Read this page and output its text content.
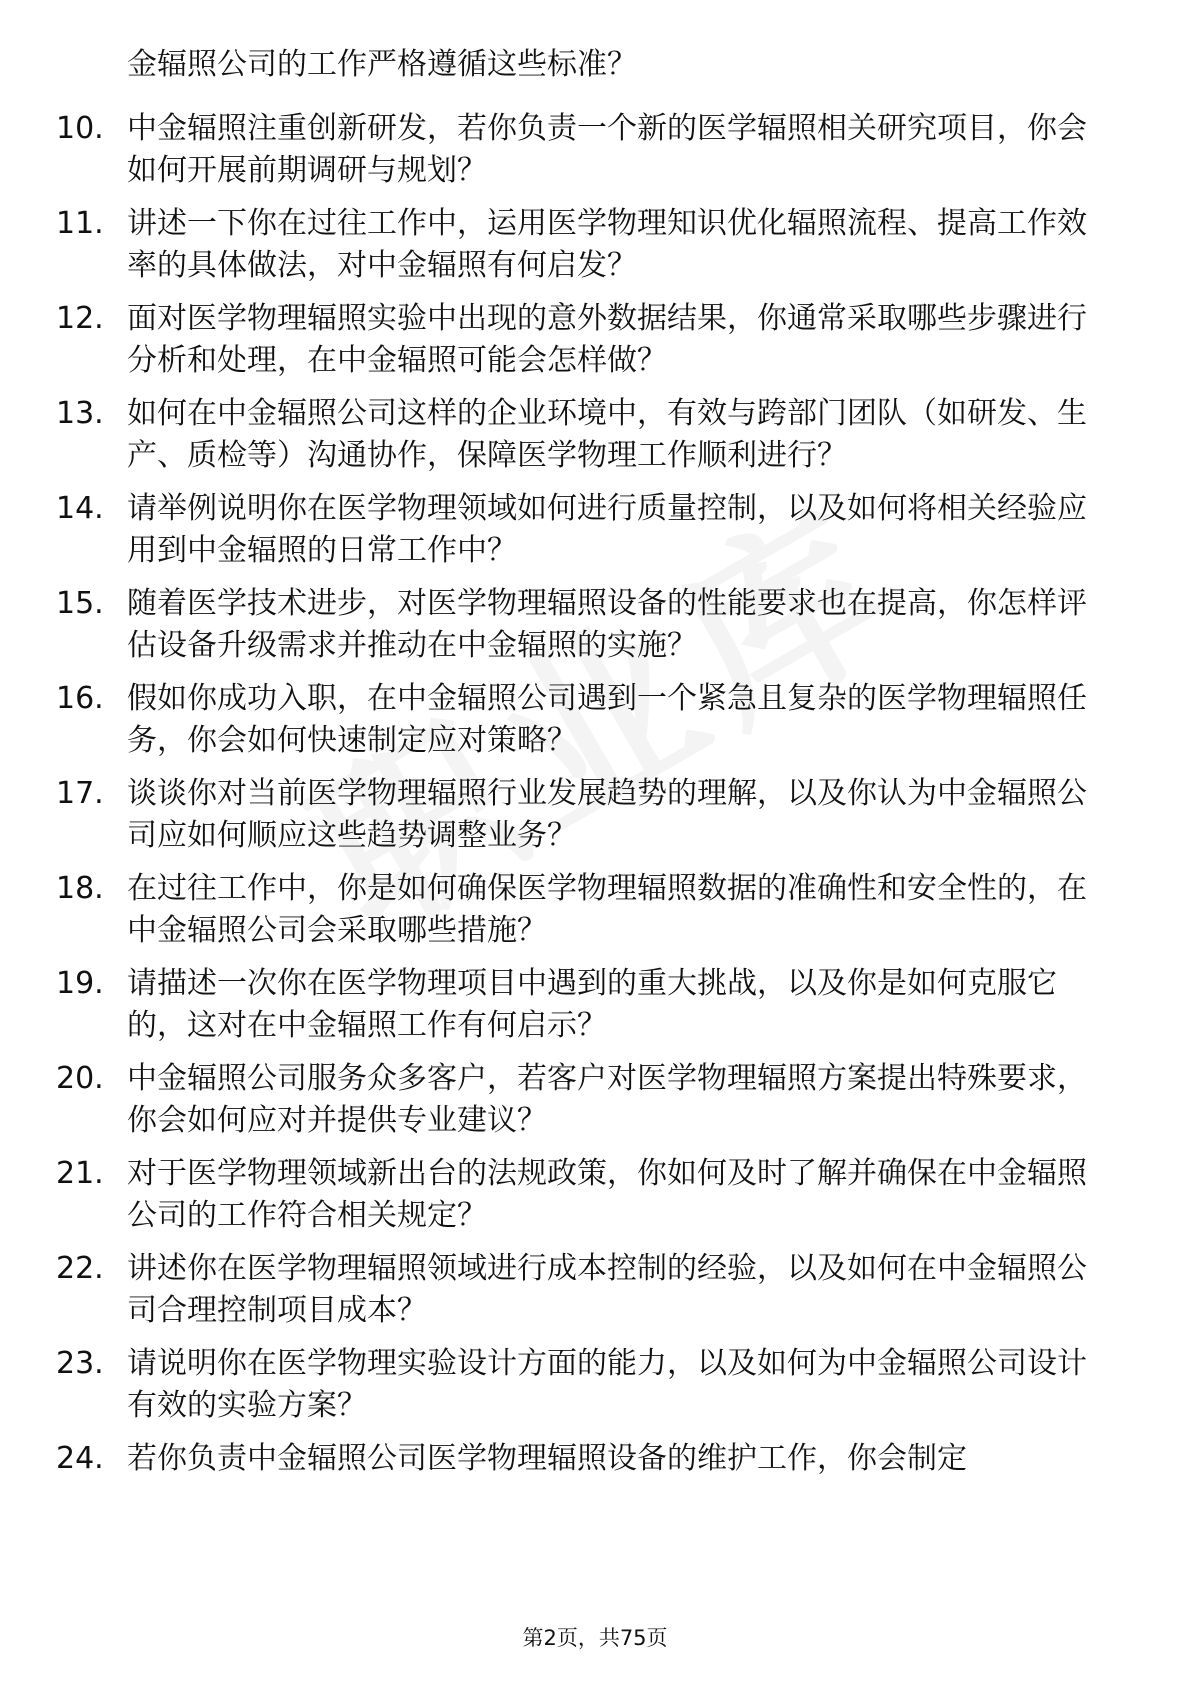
金辐照公司的工作严格遵循这些标准？
10. 中金辐照注重创新研发，若你负责一个新的医学辐照相关研究项目，你会如何开展前期调研与规划？
11. 讲述一下你在过往工作中，运用医学物理知识优化辐照流程、提高工作效率的具体做法，对中金辐照有何启发？
12. 面对医学物理辐照实验中出现的意外数据结果，你通常采取哪些步骤进行分析和处理，在中金辐照可能会怎样做？
13. 如何在中金辐照公司这样的企业环境中，有效与跨部门团队（如研发、生产、质检等）沟通协作，保障医学物理工作顺利进行？
14. 请举例说明你在医学物理领域如何进行质量控制，以及如何将相关经验应用到中金辐照的日常工作中？
15. 随着医学技术进步，对医学物理辐照设备的性能要求也在提高，你怎样评估设备升级需求并推动在中金辐照的实施？
16. 假如你成功入职，在中金辐照公司遇到一个紧急且复杂的医学物理辐照任务，你会如何快速制定应对策略？
17. 谈谈你对当前医学物理辐照行业发展趋势的理解，以及你认为中金辐照公司应如何顺应这些趋势调整业务？
18. 在过往工作中，你是如何确保医学物理辐照数据的准确性和安全性的，在中金辐照公司会采取哪些措施？
19. 请描述一次你在医学物理项目中遇到的重大挑战，以及你是如何克服它的，这对在中金辐照工作有何启示？
20. 中金辐照公司服务众多客户，若客户对医学物理辐照方案提出特殊要求，你会如何应对并提供专业建议？
21. 对于医学物理领域新出台的法规政策，你如何及时了解并确保在中金辐照公司的工作符合相关规定？
22. 讲述你在医学物理辐照领域进行成本控制的经验，以及如何在中金辐照公司合理控制项目成本？
23. 请说明你在医学物理实验设计方面的能力，以及如何为中金辐照公司设计有效的实验方案？
24. 若你负责中金辐照公司医学物理辐照设备的维护工作，你会制定
第2页，共75页
